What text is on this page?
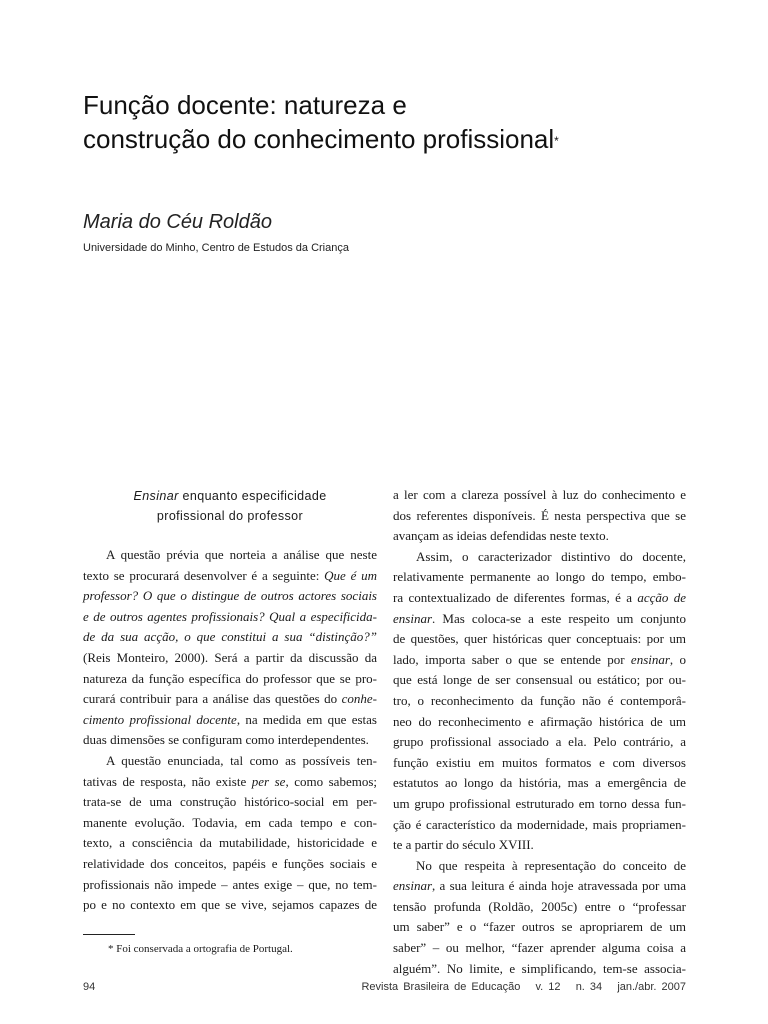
Função docente: natureza e
construção do conhecimento profissional*
Maria do Céu Roldão
Universidade do Minho, Centro de Estudos da Criança
Ensinar enquanto especificidade
profissional do professor

A questão prévia que norteia a análise que neste
texto se procurará desenvolver é a seguinte: Que é um
professor? O que o distingue de outros actores sociais
e de outros agentes profissionais? Qual a especificida-
de da sua acção, o que constitui a sua “distinção?”
(Reis Monteiro, 2000). Será a partir da discussão da
natureza da função específica do professor que se pro-
curará contribuir para a análise das questões do conhe-
cimento profissional docente, na medida em que estas
duas dimensões se configuram como interdependentes.

A questão enunciada, tal como as possíveis ten-
tativas de resposta, não existe per se, como sabemos;
trata-se de uma construção histórico-social em per-
manente evolução. Todavia, em cada tempo e con-
texto, a consciência da mutabilidade, historicidade e
relatividade dos conceitos, papéis e funções sociais e
profissionais não impede – antes exige – que, no tem-
po e no contexto em que se vive, sejamos capazes de

a ler com a clareza possível à luz do conhecimento e
dos referentes disponíveis. É nesta perspectiva que se
avançam as ideias defendidas neste texto.

Assim, o caracterizador distintivo do docente,
relativamente permanente ao longo do tempo, embo-
ra contextualizado de diferentes formas, é a acção de
ensinar. Mas coloca-se a este respeito um conjunto
de questões, quer históricas quer conceptuais: por um
lado, importa saber o que se entende por ensinar, o
que está longe de ser consensual ou estático; por ou-
tro, o reconhecimento da função não é contemporâ-
neo do reconhecimento e afirmação histórica de um
grupo profissional associado a ela. Pelo contrário, a
função existiu em muitos formatos e com diversos
estatutos ao longo da história, mas a emergência de
um grupo profissional estruturado em torno dessa fun-
ção é característico da modernidade, mais propriamen-
te a partir do século XVIII.

No que respeita à representação do conceito de
ensinar, a sua leitura é ainda hoje atravessada por uma
tensão profunda (Roldão, 2005c) entre o “professar
um saber” e o “fazer outros se apropriarem de um
saber” – ou melhor, “fazer aprender alguma coisa a
alguém”. No limite, e simplificando, tem-se associa-

* Foi conservada a ortografia de Portugal.
94	Revista Brasileira de Educação   v. 12   n. 34   jan./abr. 2007
